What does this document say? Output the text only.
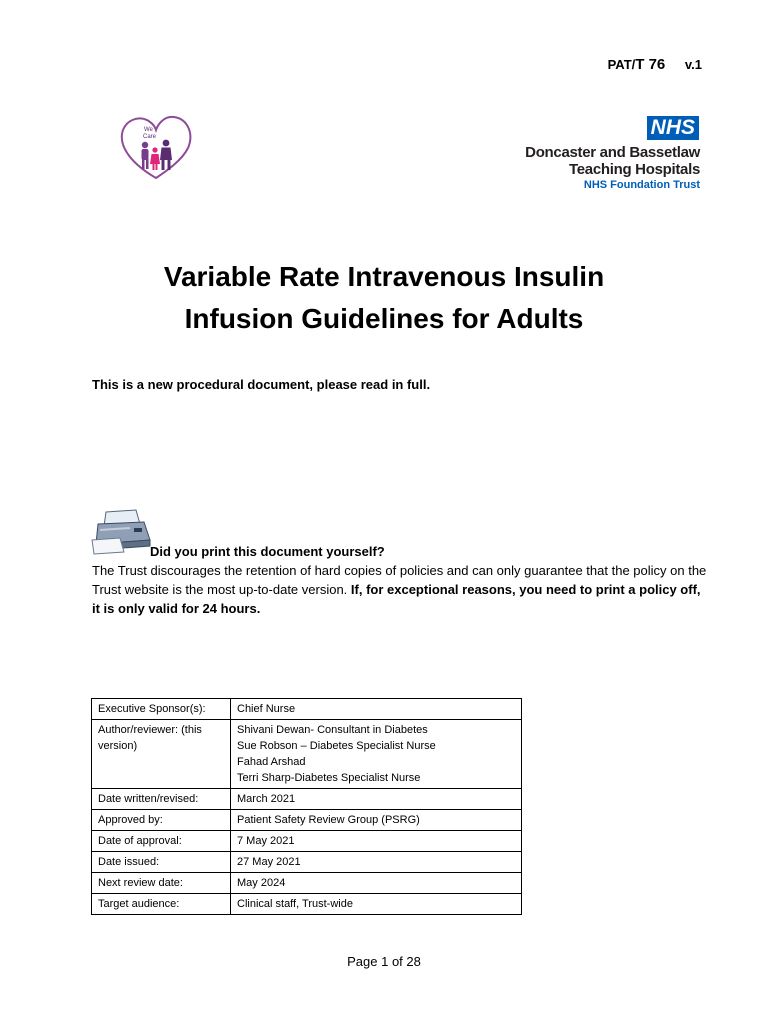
PAT/T 76 v.1
We
Care	NHS
Doncaster and Bassetlaw
Teaching Hospitals
NHS Foundation Trust
Variable Rate Intravenous Insulin
Infusion Guidelines for Adults
This is a new procedural document, please read in full.
Did you print this document yourself?
The Trust discourages the retention of hard copies of policies and can only guarantee that the policy on the Trust website is the most up-to-date version. If, for exceptional reasons, you need to print a policy off, it is only valid for 24 hours.
Executive Sponsor(s):	Chief Nurse

Author/reviewer: (this version)	Shivani Dewan- Consultant in Diabetes
Sue Robson – Diabetes Specialist Nurse
Fahad Arshad
Terri Sharp-Diabetes Specialist Nurse

Date written/revised:	March 2021

Approved by:	Patient Safety Review Group (PSRG)

Date of approval:	7 May 2021

Date issued:	27 May 2021

Next review date:	May 2024

Target audience:	Clinical staff, Trust-wide
Page 1 of 28
